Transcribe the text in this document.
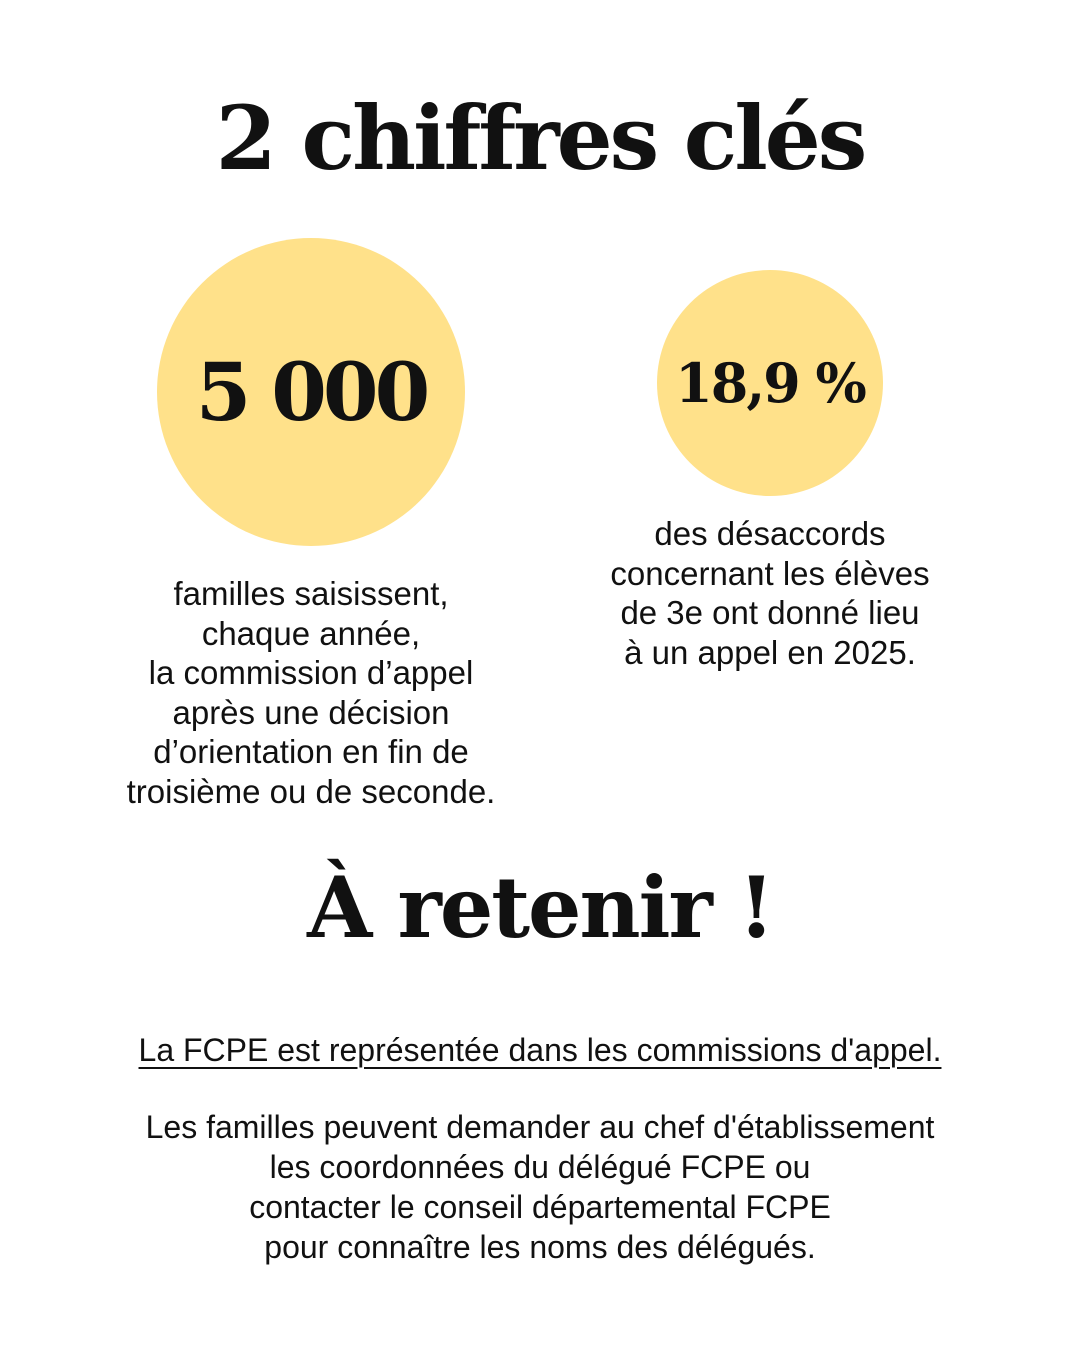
2 chiffres clés
5 000	18,9 %
familles saisissent,
chaque année,
la commission d’appel
après une décision
d’orientation en fin de
troisième ou de seconde.
des désaccords
concernant les élèves
de 3e ont donné lieu
à un appel en 2025.
À retenir !
La FCPE est représentée dans les commissions d'appel.
Les familles peuvent demander au chef d'établissement
les coordonnées du délégué FCPE ou
contacter le conseil départemental FCPE
pour connaître les noms des délégués.
